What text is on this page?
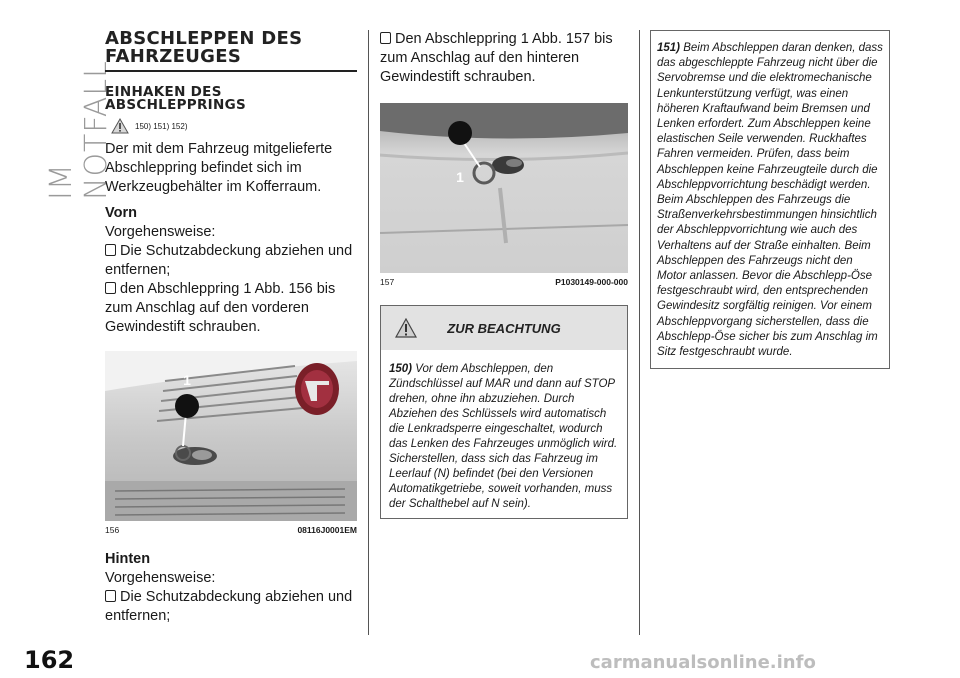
IM NOTFALL
162	carmanualsonline.info
ABSCHLEPPEN DES FAHRZEUGES
EINHAKEN DES ABSCHLEPPRINGS
150) 151) 152)

Der mit dem Fahrzeug mitgelieferte Abschleppring befindet sich im Werkzeugbehälter im Kofferraum.

Vorn

Vorgehensweise:

Die Schutzabdeckung abziehen und entfernen;

den Abschleppring 1 Abb. 156 bis zum Anschlag auf den vorderen Gewindestift schrauben.

156	08116J0001EM
1
Hinten

Vorgehensweise:

Die Schutzabdeckung abziehen und entfernen;

Den Abschleppring 1 Abb. 157 bis zum Anschlag auf den hinteren Gewindestift schrauben.

157	P1030149-000-000
1
ZUR BEACHTUNG
150) Vor dem Abschleppen, den Zündschlüssel auf MAR und dann auf STOP drehen, ohne ihn abzuziehen. Durch Abziehen des Schlüssels wird automatisch die Lenkradsperre eingeschaltet, wodurch das Lenken des Fahrzeuges unmöglich wird. Sicherstellen, dass sich das Fahrzeug im Leerlauf (N) befindet (bei den Versionen Automatikgetriebe, soweit vorhanden, muss der Schalthebel auf N sein).
151) Beim Abschleppen daran denken, dass das abgeschleppte Fahrzeug nicht über die Servobremse und die elektromechanische Lenkunterstützung verfügt, was einen höheren Kraftaufwand beim Bremsen und Lenken erfordert. Zum Abschleppen keine elastischen Seile verwenden. Ruckhaftes Fahren vermeiden. Prüfen, dass beim Abschleppen keine Fahrzeugteile durch die Abschleppvorrichtung beschädigt werden. Beim Abschleppen des Fahrzeugs die Straßenverkehrsbestimmungen hinsichtlich der Abschleppvorrichtung wie auch des Verhaltens auf der Straße einhalten. Beim Abschleppen des Fahrzeugs nicht den Motor anlassen. Bevor die Abschlepp-Öse festgeschraubt wird, den entsprechenden Gewindesitz sorgfältig reinigen. Vor einem Abschleppvorgang sicherstellen, dass die Abschlepp-Öse sicher bis zum Anschlag im Sitz festgeschraubt wurde.
